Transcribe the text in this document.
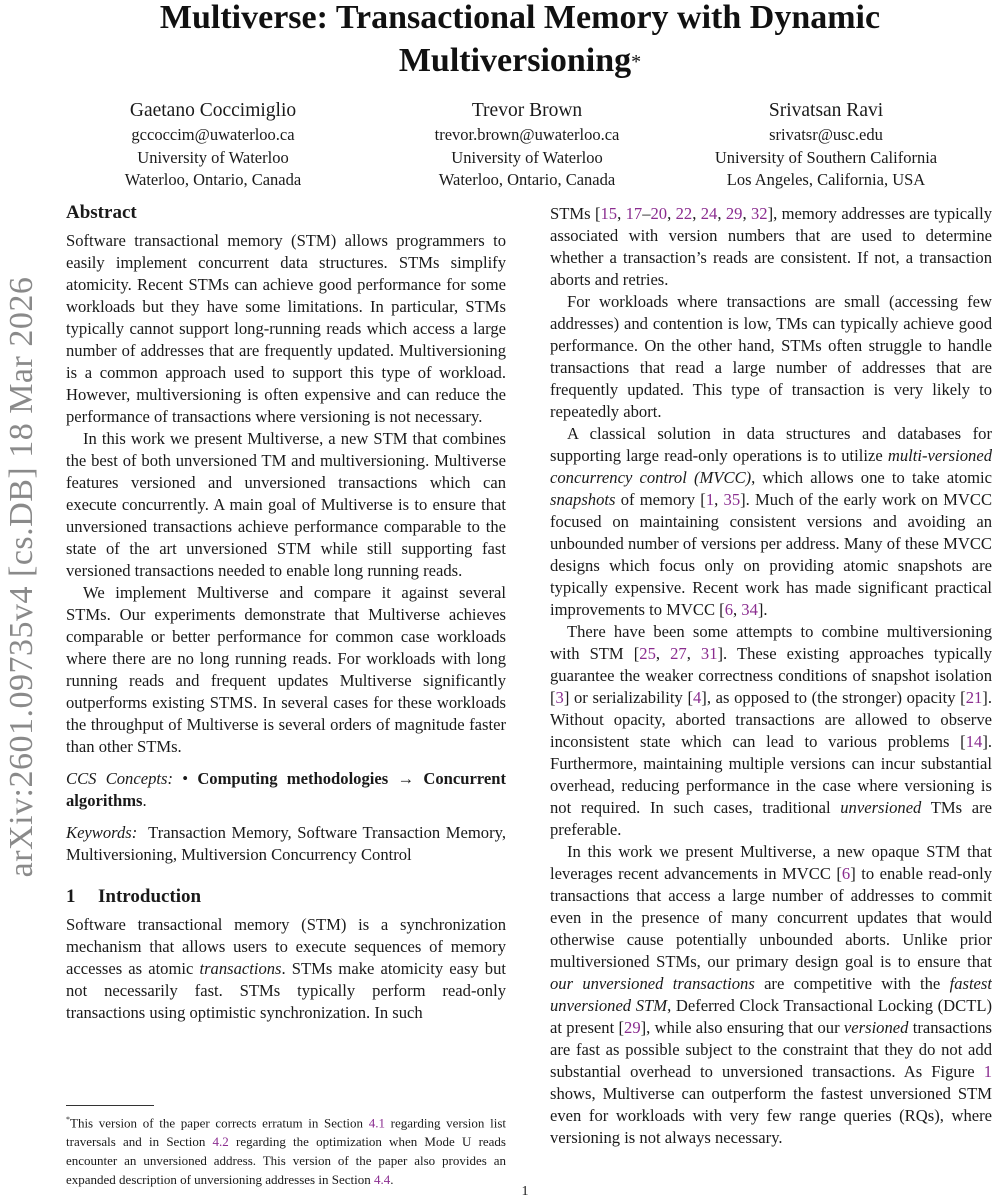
arXiv:2601.09735v4 [cs.DB] 18 Mar 2026
Multiverse: Transactional Memory with Dynamic
Multiversioning*
Gaetano Coccimiglio
gccoccim@uwaterloo.ca
University of Waterloo
Waterloo, Ontario, Canada
Trevor Brown
trevor.brown@uwaterloo.ca
University of Waterloo
Waterloo, Ontario, Canada
Srivatsan Ravi
srivatsr@usc.edu
University of Southern California
Los Angeles, California, USA
Abstract

Software transactional memory (STM) allows programmers to easily implement concurrent data structures. STMs simplify atomicity. Recent STMs can achieve good performance for some workloads but they have some limitations. In particular, STMs typically cannot support long-running reads which access a large number of addresses that are frequently updated. Multiversioning is a common approach used to support this type of workload. However, multiversioning is often expensive and can reduce the performance of transactions where versioning is not necessary.

In this work we present Multiverse, a new STM that combines the best of both unversioned TM and multiversioning. Multiverse features versioned and unversioned transactions which can execute concurrently. A main goal of Multiverse is to ensure that unversioned transactions achieve performance comparable to the state of the art unversioned STM while still supporting fast versioned transactions needed to enable long running reads.

We implement Multiverse and compare it against several STMs. Our experiments demonstrate that Multiverse achieves comparable or better performance for common case workloads where there are no long running reads. For workloads with long running reads and frequent updates Multiverse significantly outperforms existing STMS. In several cases for these workloads the throughput of Multiverse is several orders of magnitude faster than other STMs.

CCS Concepts: • Computing methodologies → Concurrent algorithms.

Keywords: Transaction Memory, Software Transaction Memory, Multiversioning, Multiversion Concurrency Control

1 Introduction

Software transactional memory (STM) is a synchronization mechanism that allows users to execute sequences of memory accesses as atomic transactions. STMs make atomicity easy but not necessarily fast. STMs typically perform read-only transactions using optimistic synchronization. In such

STMs [15, 17–20, 22, 24, 29, 32], memory addresses are typically associated with version numbers that are used to determine whether a transaction’s reads are consistent. If not, a transaction aborts and retries.

For workloads where transactions are small (accessing few addresses) and contention is low, TMs can typically achieve good performance. On the other hand, STMs often struggle to handle transactions that read a large number of addresses that are frequently updated. This type of transaction is very likely to repeatedly abort.

A classical solution in data structures and databases for supporting large read-only operations is to utilize multi-versioned concurrency control (MVCC), which allows one to take atomic snapshots of memory [1, 35]. Much of the early work on MVCC focused on maintaining consistent versions and avoiding an unbounded number of versions per address. Many of these MVCC designs which focus only on providing atomic snapshots are typically expensive. Recent work has made significant practical improvements to MVCC [6, 34].

There have been some attempts to combine multiversioning with STM [25, 27, 31]. These existing approaches typically guarantee the weaker correctness conditions of snapshot isolation [3] or serializability [4], as opposed to (the stronger) opacity [21]. Without opacity, aborted transactions are allowed to observe inconsistent state which can lead to various problems [14]. Furthermore, maintaining multiple versions can incur substantial overhead, reducing performance in the case where versioning is not required. In such cases, traditional unversioned TMs are preferable.

In this work we present Multiverse, a new opaque STM that leverages recent advancements in MVCC [6] to enable read-only transactions that access a large number of addresses to commit even in the presence of many concurrent updates that would otherwise cause potentially unbounded aborts. Unlike prior multiversioned STMs, our primary design goal is to ensure that our unversioned transactions are competitive with the fastest unversioned STM, Deferred Clock Transactional Locking (DCTL) at present [29], while also ensuring that our versioned transactions are fast as possible subject to the constraint that they do not add substantial overhead to unversioned transactions. As Figure 1 shows, Multiverse can outperform the fastest unversioned STM even for workloads with very few range queries (RQs), where versioning is not always necessary.

*This version of the paper corrects erratum in Section 4.1 regarding version list traversals and in Section 4.2 regarding the optimization when Mode U reads encounter an unversioned address. This version of the paper also provides an expanded description of unversioning addresses in Section 4.4.
1
